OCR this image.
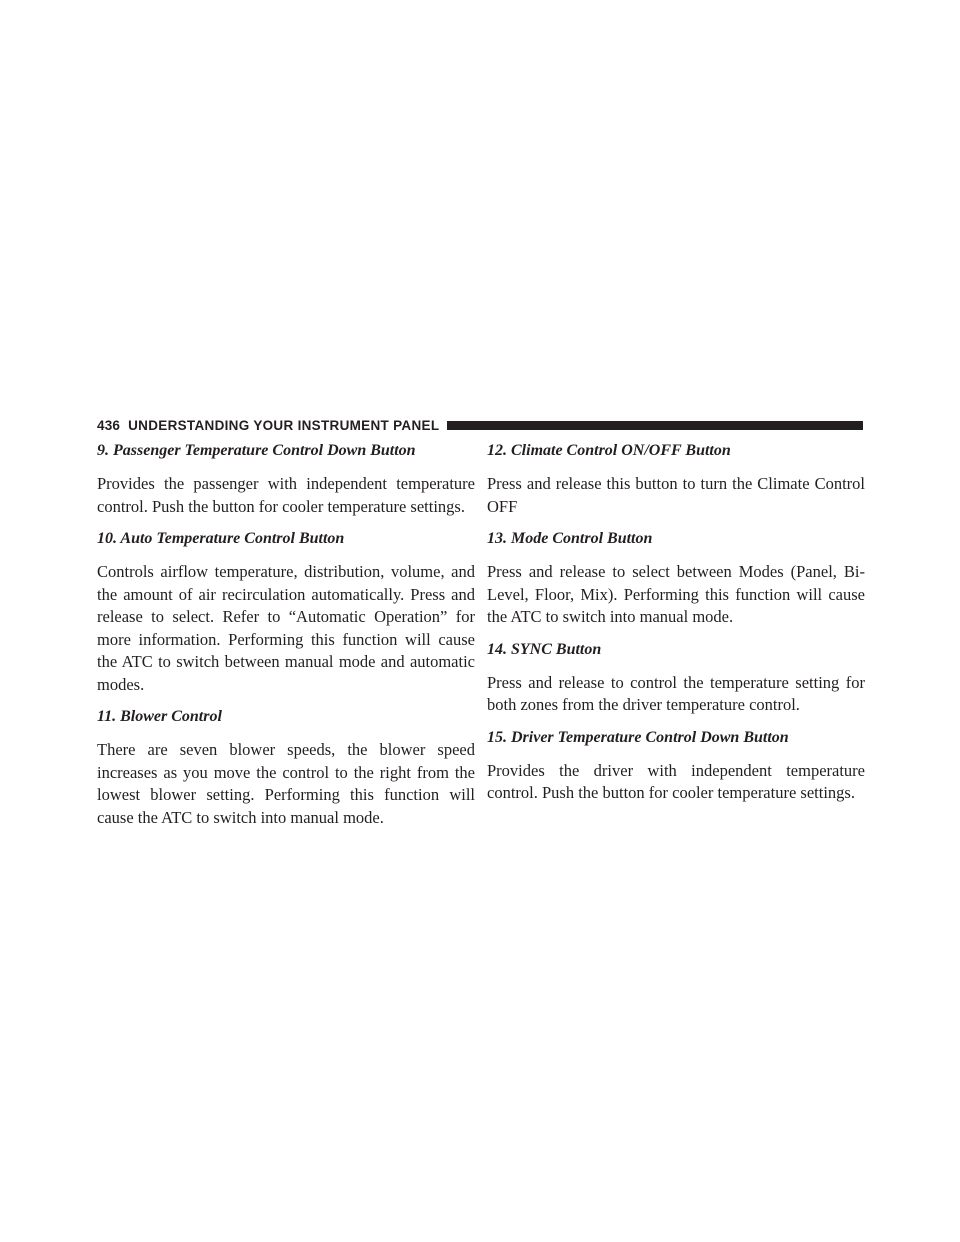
436 UNDERSTANDING YOUR INSTRUMENT PANEL

9. Passenger Temperature Control Down Button

Provides the passenger with independent temperature control. Push the button for cooler temperature settings.

10. Auto Temperature Control Button

Controls airflow temperature, distribution, volume, and the amount of air recirculation automatically. Press and release to select. Refer to “Automatic Operation” for more information. Performing this function will cause the ATC to switch between manual mode and automatic modes.

11. Blower Control

There are seven blower speeds, the blower speed increases as you move the control to the right from the lowest blower setting. Performing this function will cause the ATC to switch into manual mode.

12. Climate Control ON/OFF Button

Press and release this button to turn the Climate Control OFF

13. Mode Control Button

Press and release to select between Modes (Panel, Bi-Level, Floor, Mix). Performing this function will cause the ATC to switch into manual mode.

14. SYNC Button

Press and release to control the temperature setting for both zones from the driver temperature control.

15. Driver Temperature Control Down Button

Provides the driver with independent temperature control. Push the button for cooler temperature settings.
